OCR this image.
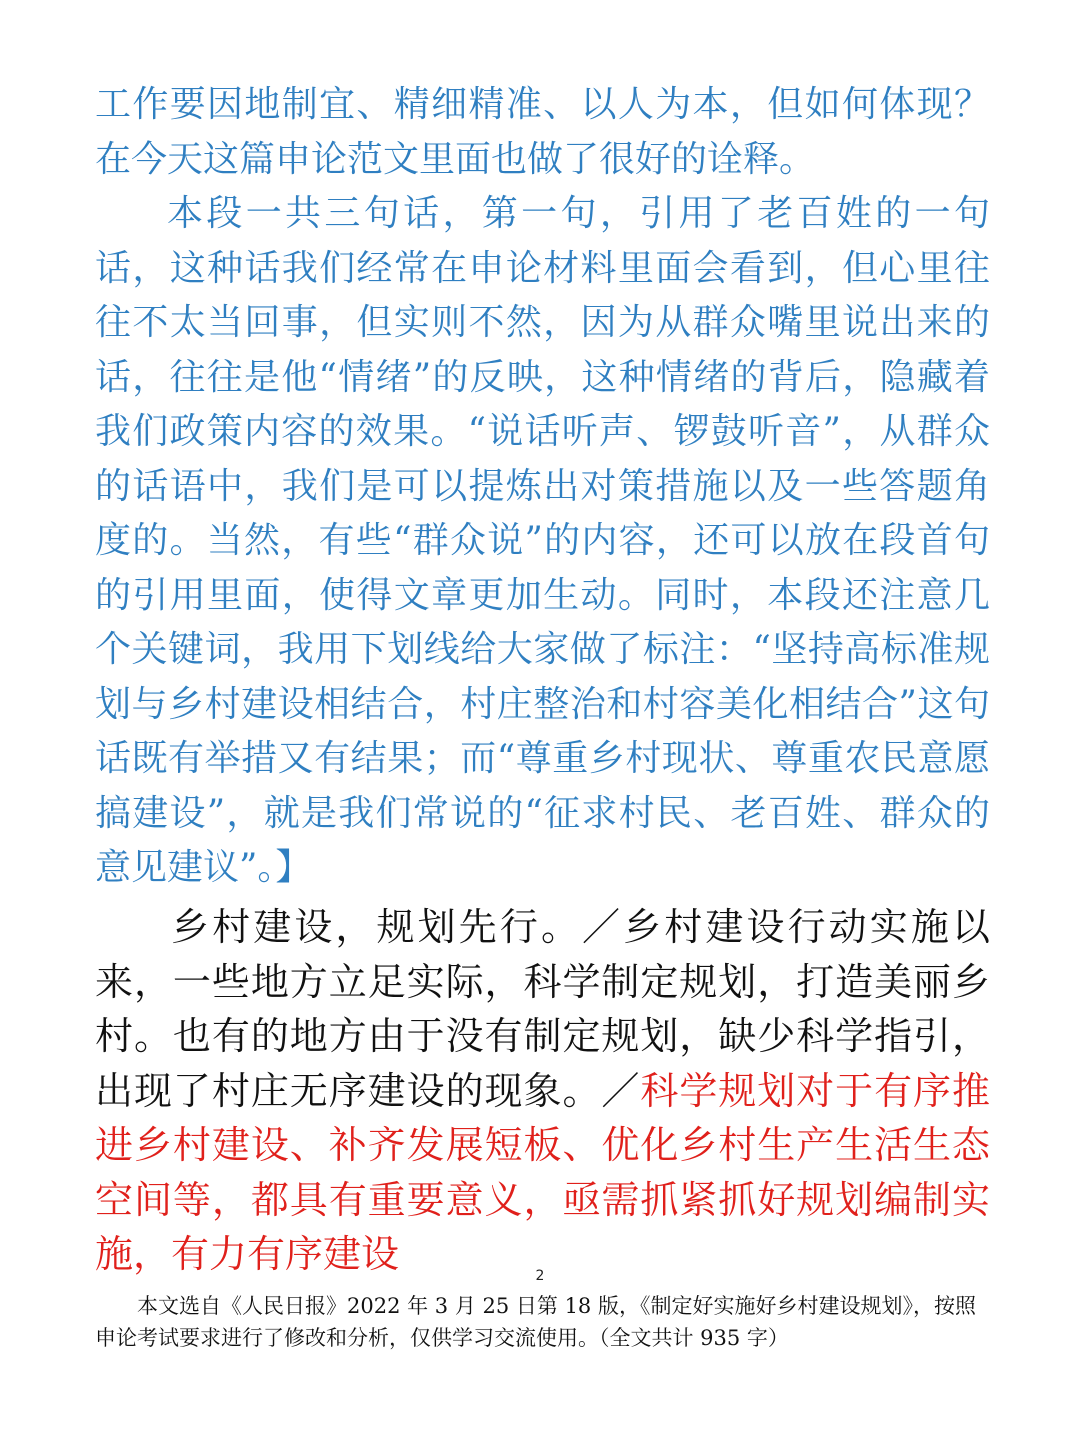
工作要因地制宜、精细精准、以人为本，但如何体现？在今天这篇申论范文里面也做了很好的诠释。

本段一共三句话，第一句，引用了老百姓的一句话，这种话我们经常在申论材料里面会看到，但心里往往不太当回事，但实则不然，因为从群众嘴里说出来的话，往往是他“情绪”的反映，这种情绪的背后，隐藏着我们政策内容的效果。“说话听声、锣鼓听音”，从群众的话语中，我们是可以提炼出对策措施以及一些答题角度的。当然，有些“群众说”的内容，还可以放在段首句的引用里面，使得文章更加生动。同时，本段还注意几个关键词，我用下划线给大家做了标注：“坚持高标准规划与乡村建设相结合，村庄整治和村容美化相结合”这句话既有举措又有结果；而“尊重乡村现状、尊重农民意愿搞建设”，就是我们常说的“征求村民、老百姓、群众的意见建议”。】

乡村建设，规划先行。／乡村建设行动实施以来，一些地方立足实际，科学制定规划，打造美丽乡村。也有的地方由于没有制定规划，缺少科学指引，出现了村庄无序建设的现象。／科学规划对于有序推进乡村建设、补齐发展短板、优化乡村生产生活生态空间等，都具有重要意义，亟需抓紧抓好规划编制实施，有力有序建设	2
本文选自《人民日报》2022 年 3 月 25 日第 18 版，《制定好实施好乡村建设规划》，按照申论考试要求进行了修改和分析，仅供学习交流使用。（全文共计 935 字）
